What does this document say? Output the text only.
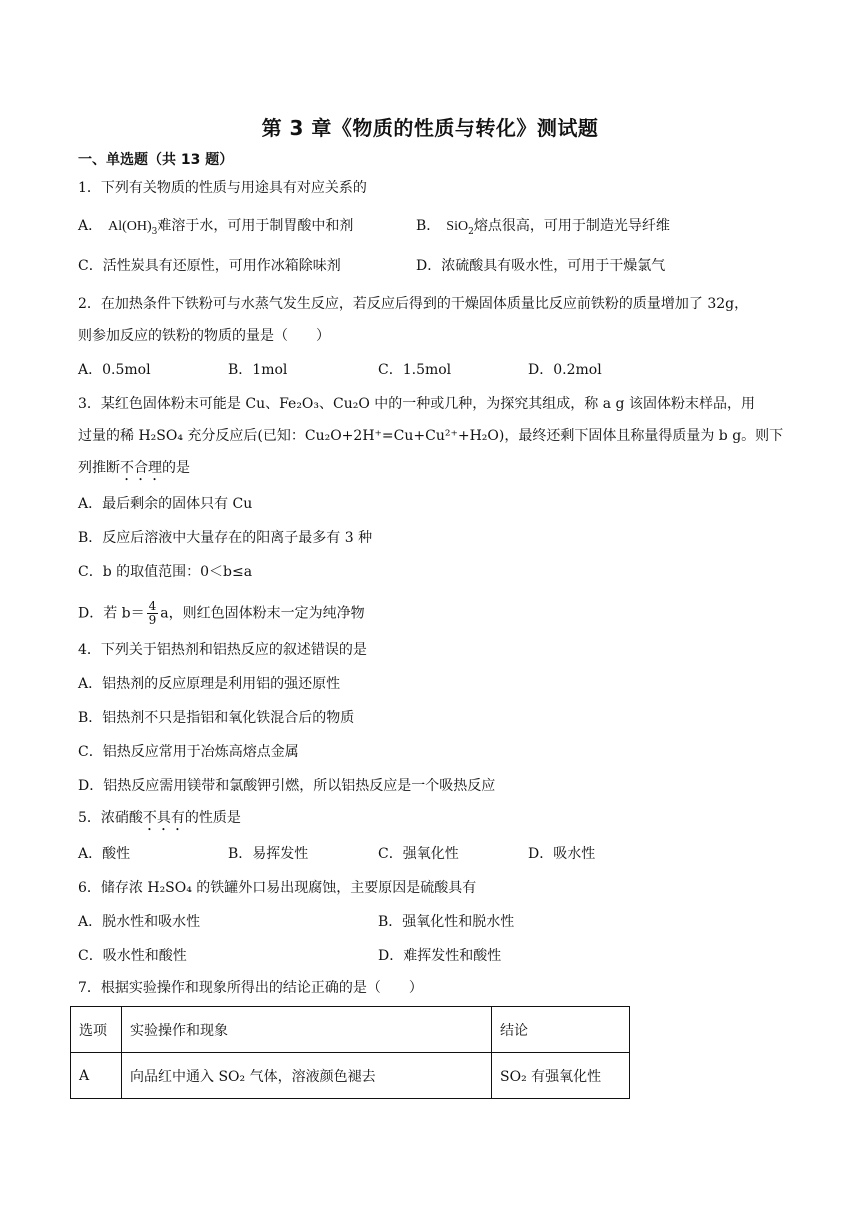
第 3 章《物质的性质与转化》测试题
一、单选题（共 13 题）
1．下列有关物质的性质与用途具有对应关系的
A． $Al(OH)_3$难溶于水，可用于制胃酸中和剂	B． SiO$_2$熔点很高，可用于制造光导纤维
C．活性炭具有还原性，可用作冰箱除味剂	D．浓硫酸具有吸水性，可用于干燥氯气
2．在加热条件下铁粉可与水蒸气发生反应，若反应后得到的干燥固体质量比反应前铁粉的质量增加了 32g，
则参加反应的铁粉的物质的量是（　　）
A．0.5mol	B．1mol	C．1.5mol	D．0.2mol
3．某红色固体粉末可能是 Cu、Fe₂O₃、Cu₂O 中的一种或几种，为探究其组成，称 a g 该固体粉末样品，用
过量的稀 H₂SO₄ 充分反应后(已知：Cu₂O+2H⁺=Cu+Cu²⁺+H₂O)，最终还剩下固体且称量得质量为 b g。则下
列推断不合理的是
A．最后剩余的固体只有 Cu
B．反应后溶液中大量存在的阳离子最多有 3 种
C．b 的取值范围：0＜b≤a
D．若 $b= \frac{4}{9}$ a，则红色固体粉末一定为纯净物
4．下列关于铝热剂和铝热反应的叙述错误的是
A．铝热剂的反应原理是利用铝的强还原性
B．铝热剂不只是指铝和氧化铁混合后的物质
C．铝热反应常用于冶炼高熔点金属
D．铝热反应需用镁带和氯酸钾引燃，所以铝热反应是一个吸热反应
5．浓硝酸不具有的性质是
A．酸性	B．易挥发性	C．强氧化性	D．吸水性
6．储存浓 H₂SO₄ 的铁罐外口易出现腐蚀，主要原因是硫酸具有
A．脱水性和吸水性	B．强氧化性和脱水性
C．吸水性和酸性	D．难挥发性和酸性
7．根据实验操作和现象所得出的结论正确的是（　　）
选项	实验操作和现象	结论
A	向品红中通入 SO₂ 气体，溶液颜色褪去	SO₂ 有强氧化性
